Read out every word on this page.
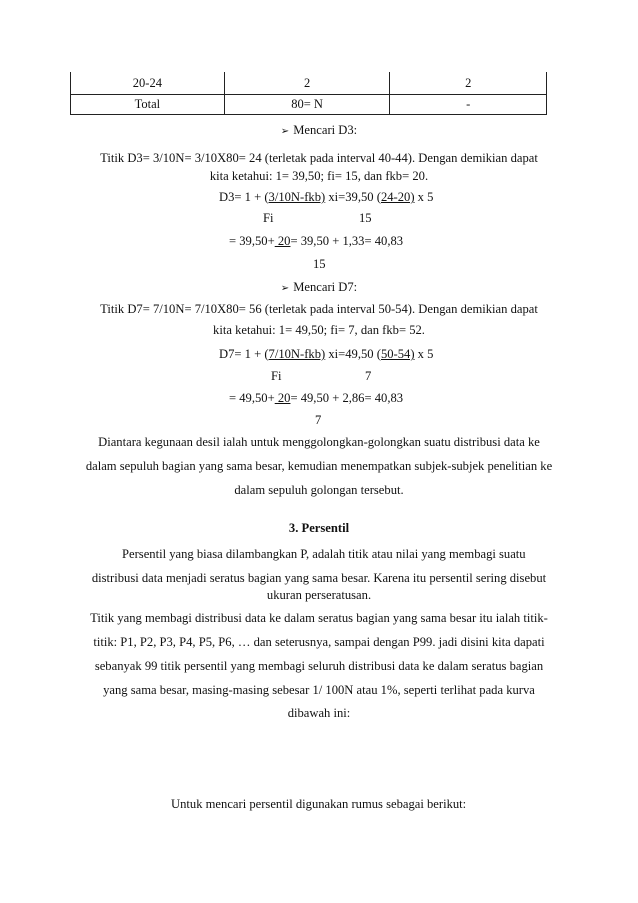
20-24	2	2
Total	80= N	-
➢ Mencari D3:
Titik D3= 3/10N= 3/10X80= 24 (terletak pada interval 40-44). Dengan demikian dapat
kita ketahui: 1= 39,50; fi= 15, dan fkb= 20.
D3= 1 + (3/10N-fkb) xi=39,50 (24-20) x 5
Fi	15
= 39,50+ 20= 39,50 + 1,33= 40,83
15
➢ Mencari D7:
Titik D7= 7/10N= 7/10X80= 56 (terletak pada interval 50-54). Dengan demikian dapat
kita ketahui: 1= 49,50; fi= 7, dan fkb= 52.
D7= 1 + (7/10N-fkb) xi=49,50 (50-54) x 5
Fi	7
= 49,50+ 20= 49,50 + 2,86= 40,83
7
Diantara kegunaan desil ialah untuk menggolongkan-golongkan suatu distribusi data ke
dalam sepuluh bagian yang sama besar, kemudian menempatkan subjek-subjek penelitian ke
dalam sepuluh golongan tersebut.
3. Persentil
Persentil yang biasa dilambangkan P, adalah titik atau nilai yang membagi suatu
distribusi data menjadi seratus bagian yang sama besar. Karena itu persentil sering disebut
ukuran perseratusan.
Titik yang membagi distribusi data ke dalam seratus bagian yang sama besar itu ialah titik-
titik: P1, P2, P3, P4, P5, P6, … dan seterusnya, sampai dengan P99. jadi disini kita dapati
sebanyak 99 titik persentil yang membagi seluruh distribusi data ke dalam seratus bagian
yang sama besar, masing-masing sebesar 1/ 100N atau 1%, seperti terlihat pada kurva
dibawah ini:
Untuk mencari persentil digunakan rumus sebagai berikut:
